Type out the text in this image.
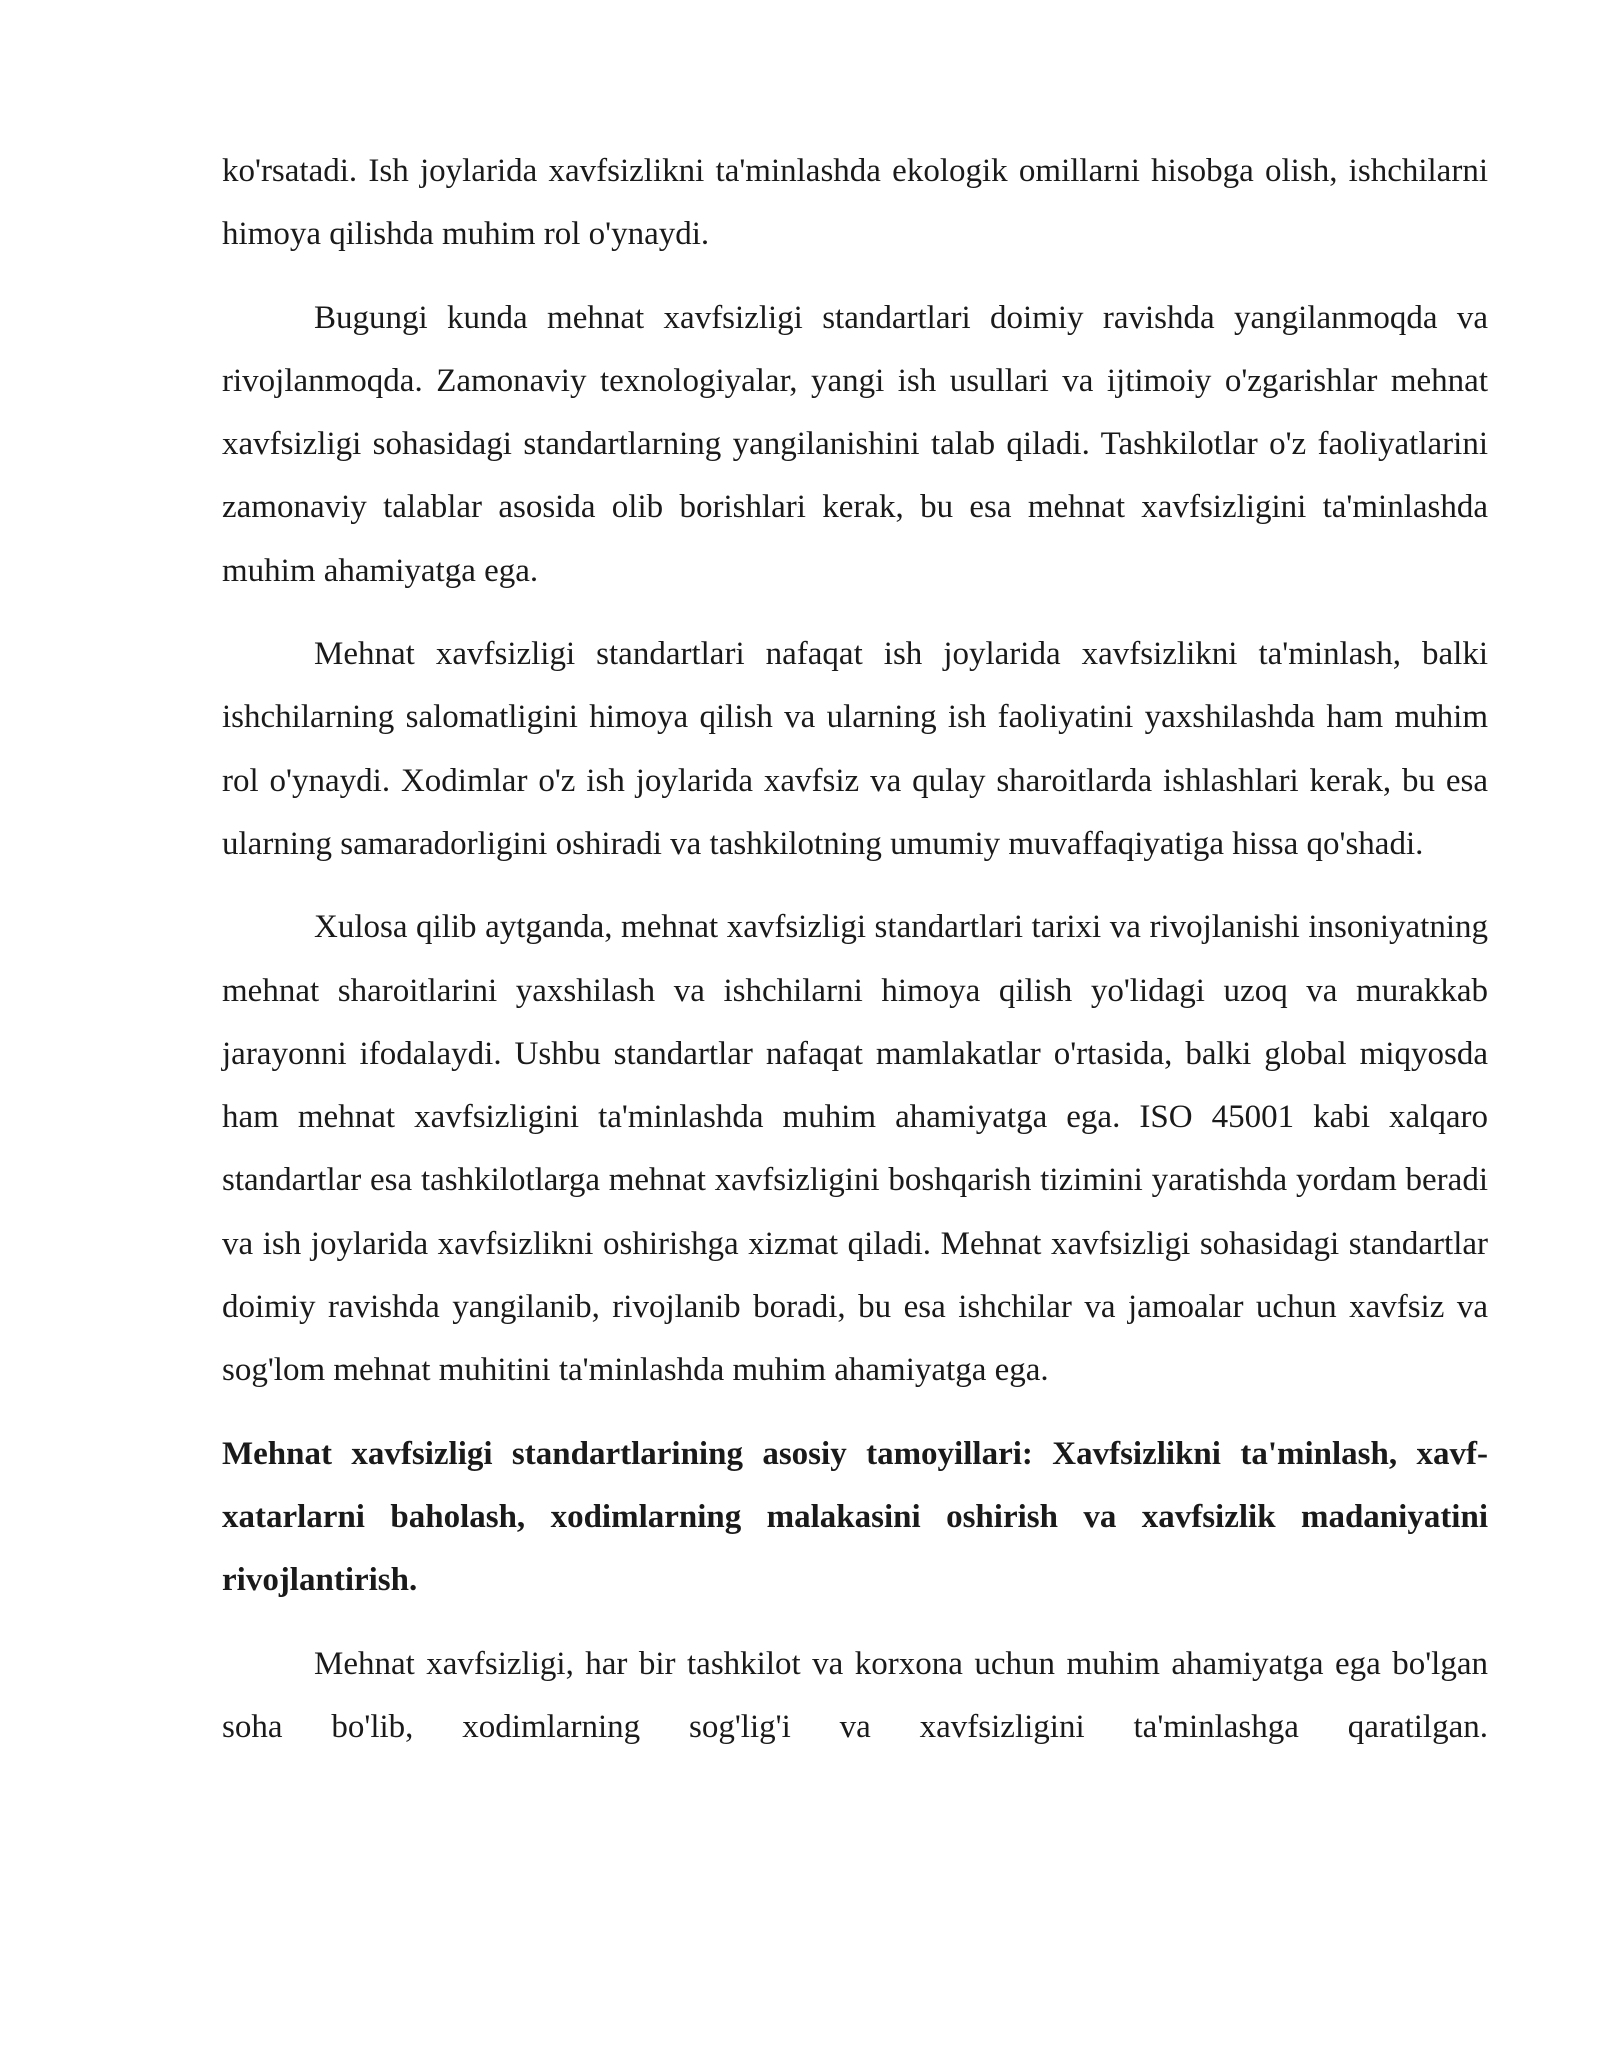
ko'rsatadi. Ish joylarida xavfsizlikni ta'minlashda ekologik omillarni hisobga olish, ishchilarni himoya qilishda muhim rol o'ynaydi.

Bugungi kunda mehnat xavfsizligi standartlari doimiy ravishda yangilanmoqda va rivojlanmoqda. Zamonaviy texnologiyalar, yangi ish usullari va ijtimoiy o'zgarishlar mehnat xavfsizligi sohasidagi standartlarning yangilanishini talab qiladi. Tashkilotlar o'z faoliyatlarini zamonaviy talablar asosida olib borishlari kerak, bu esa mehnat xavfsizligini ta'minlashda muhim ahamiyatga ega.

Mehnat xavfsizligi standartlari nafaqat ish joylarida xavfsizlikni ta'minlash, balki ishchilarning salomatligini himoya qilish va ularning ish faoliyatini yaxshilashda ham muhim rol o'ynaydi. Xodimlar o'z ish joylarida xavfsiz va qulay sharoitlarda ishlashlari kerak, bu esa ularning samaradorligini oshiradi va tashkilotning umumiy muvaffaqiyatiga hissa qo'shadi.

Xulosa qilib aytganda, mehnat xavfsizligi standartlari tarixi va rivojlanishi insoniyatning mehnat sharoitlarini yaxshilash va ishchilarni himoya qilish yo'lidagi uzoq va murakkab jarayonni ifodalaydi. Ushbu standartlar nafaqat mamlakatlar o'rtasida, balki global miqyosda ham mehnat xavfsizligini ta'minlashda muhim ahamiyatga ega. ISO 45001 kabi xalqaro standartlar esa tashkilotlarga mehnat xavfsizligini boshqarish tizimini yaratishda yordam beradi va ish joylarida xavfsizlikni oshirishga xizmat qiladi. Mehnat xavfsizligi sohasidagi standartlar doimiy ravishda yangilanib, rivojlanib boradi, bu esa ishchilar va jamoalar uchun xavfsiz va sog'lom mehnat muhitini ta'minlashda muhim ahamiyatga ega.

Mehnat xavfsizligi standartlarining asosiy tamoyillari: Xavfsizlikni ta'minlash, xavf-xatarlarni baholash, xodimlarning malakasini oshirish va xavfsizlik madaniyatini rivojlantirish.

Mehnat xavfsizligi, har bir tashkilot va korxona uchun muhim ahamiyatga ega bo'lgan soha bo'lib, xodimlarning sog'lig'i va xavfsizligini ta'minlashga qaratilgan.
